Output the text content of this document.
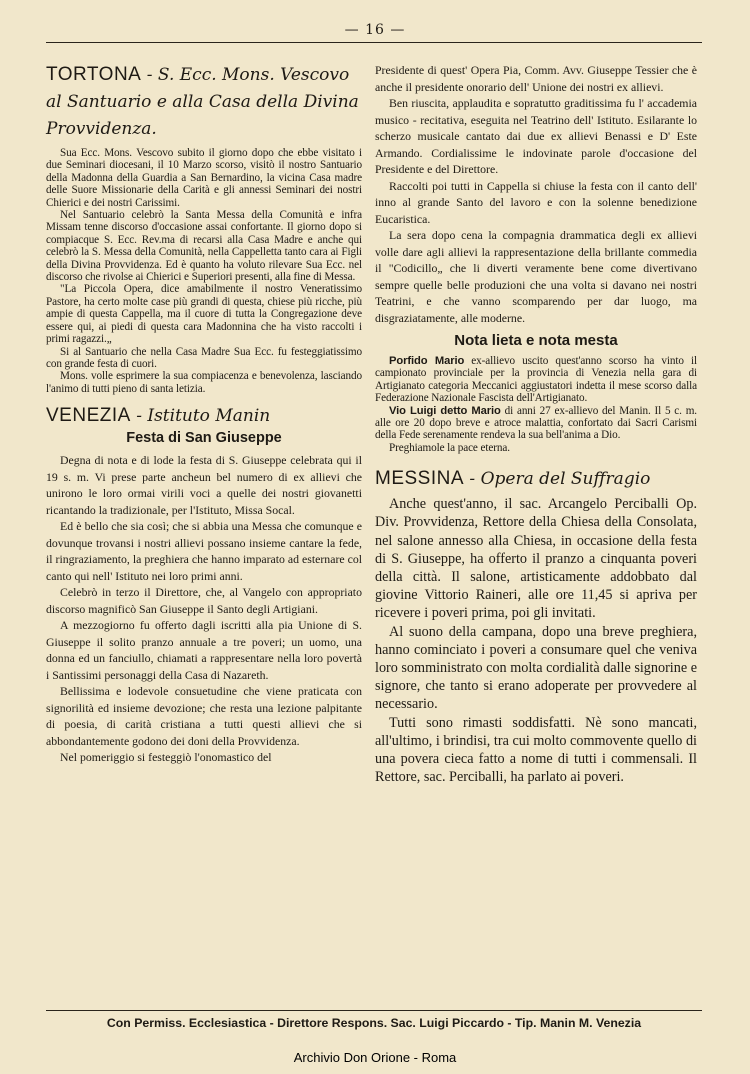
— 16 —
TORTONA - S. Ecc. Mons. Vescovo al Santuario e alla Casa della Divina Provvidenza.

Sua Ecc. Mons. Vescovo subito il giorno dopo che ebbe visitato i due Seminari diocesani, il 10 Marzo scorso, visitò il nostro Santuario della Madonna della Guardia a San Bernardino, la vicina Casa madre delle Suore Missionarie della Carità e gli annessi Seminari dei nostri Chierici e dei nostri Carissimi.

Nel Santuario celebrò la Santa Messa della Comunità e infra Missam tenne discorso d'occasione assai confortante. Il giorno dopo si compiacque S. Ecc. Rev.ma di recarsi alla Casa Madre e anche qui celebrò la S. Messa della Comunità, nella Cappelletta tanto cara ai Figli della Divina Provvidenza. Ed è quanto ha voluto rilevare Sua Ecc. nel discorso che rivolse ai Chierici e Superiori presenti, alla fine di Messa.

"La Piccola Opera, dice amabilmente il nostro Veneratissimo Pastore, ha certo molte case più grandi di questa, chiese più ricche, più ampie di questa Cappella, ma il cuore di tutta la Congregazione deve essere qui, ai piedi di questa cara Madonnina che ha visto raccolti i primi ragazzi.„

Si al Santuario che nella Casa Madre Sua Ecc. fu festeggiatissimo con grande festa di cuori.

Mons. volle esprimere la sua compiacenza e benevolenza, lasciando l'animo di tutti pieno di santa letizia.

VENEZIA - Istituto Manin
Festa di San Giuseppe

Degna di nota e di lode la festa di S. Giuseppe celebrata qui il 19 s. m. Vi prese parte ancheun bel numero di ex allievi che unirono le loro ormai virili voci a quelle dei nostri giovanetti ricantando la tradizionale, per l'Istituto, Missa Socal.

Ed è bello che sia così; che si abbia una Messa che comunque e dovunque trovansi i nostri allievi possano insieme cantare la fede, il ringraziamento, la preghiera che hanno imparato ad esternare col canto qui nell' Istituto nei loro primi anni.

Celebrò in terzo il Direttore, che, al Vangelo con appropriato discorso magnificò San Giuseppe il Santo degli Artigiani.

A mezzogiorno fu offerto dagli iscritti alla pia Unione di S. Giuseppe il solito pranzo annuale a tre poveri; un uomo, una donna ed un fanciullo, chiamati a rappresentare nella loro povertà i Santissimi personaggi della Casa di Nazareth.

Bellissima e lodevole consuetudine che viene praticata con signorilità ed insieme devozione; che resta una lezione palpitante di poesia, di carità cristiana a tutti questi allievi che si abbondantemente godono dei doni della Provvidenza.

Nel pomeriggio si festeggiò l'onomastico del

Presidente di quest' Opera Pia, Comm. Avv. Giuseppe Tessier che è anche il presidente onorario dell' Unione dei nostri ex allievi.

Ben riuscita, applaudita e sopratutto graditissima fu l' accademia musico - recitativa, eseguita nel Teatrino dell' Istituto. Esilarante lo scherzo musicale cantato dai due ex allievi Benassi e D' Este Armando. Cordialissime le indovinate parole d'occasione del Presidente e del Direttore.

Raccolti poi tutti in Cappella si chiuse la festa con il canto dell' inno al grande Santo del lavoro e con la solenne benedizione Eucaristica.

La sera dopo cena la compagnia drammatica degli ex allievi volle dare agli allievi la rappresentazione della brillante commedia il "Codicillo„ che li diverti veramente bene come divertivano sempre quelle belle produzioni che una volta si davano nei nostri Teatrini, e che vanno scomparendo per dar luogo, ma disgraziatamente, alle moderne.

Nota lieta e nota mesta

Porfido Mario ex-allievo uscito quest'anno scorso ha vinto il campionato provinciale per la provincia di Venezia nella gara di Artigianato categoria Meccanici aggiustatori indetta il mese scorso dalla Federazione Nazionale Fascista dell'Artigianato.

Vio Luigi detto Mario di anni 27 ex-allievo del Manin. Il 5 c. m. alle ore 20 dopo breve e atroce malattia, confortato dai Sacri Carismi della Fede serenamente rendeva la sua bell'anima a Dio.

Preghiamole la pace eterna.

MESSINA - Opera del Suffragio

Anche quest'anno, il sac. Arcangelo Perciballi Op. Div. Provvidenza, Rettore della Chiesa della Consolata, nel salone annesso alla Chiesa, in occasione della festa di S. Giuseppe, ha offerto il pranzo a cinquanta poveri della città. Il salone, artisticamente addobbato dal giovine Vittorio Raineri, alle ore 11,45 si apriva per ricevere i poveri prima, poi gli invitati.

Al suono della campana, dopo una breve preghiera, hanno cominciato i poveri a consumare quel che veniva loro somministrato con molta cordialità dalle signorine e signore, che tanto si erano adoperate per provvedere al necessario.

Tutti sono rimasti soddisfatti. Nè sono mancati, all'ultimo, i brindisi, tra cui molto commovente quello di una povera cieca fatto a nome di tutti i commensali. Il Rettore, sac. Perciballi, ha parlato ai poveri.

Con Permiss. Ecclesiastica - Direttore Respons. Sac. Luigi Piccardo - Tip. Manin M. Venezia
Archivio Don Orione - Roma
